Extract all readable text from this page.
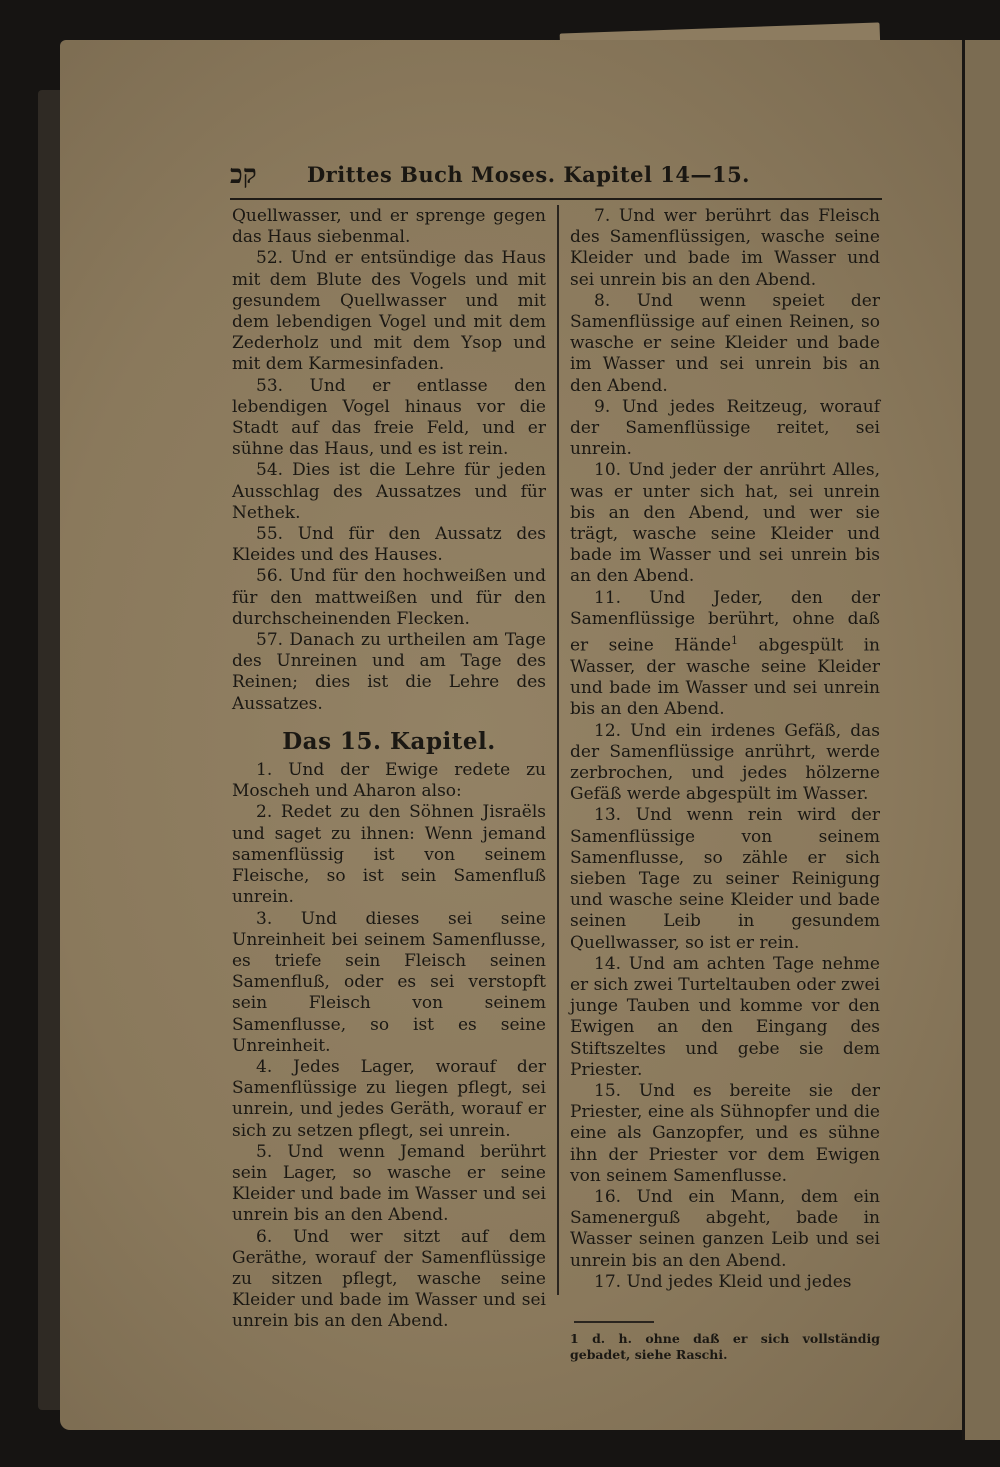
קכ Drittes Buch Moses. Kapitel 14—15.

Quellwasser, und er sprenge gegen das Haus siebenmal.

52. Und er entsündige das Haus mit dem Blute des Vogels und mit gesundem Quellwasser und mit dem lebendigen Vogel und mit dem Zederholz und mit dem Ysop und mit dem Karmesinfaden.

53. Und er entlasse den lebendigen Vogel hinaus vor die Stadt auf das freie Feld, und er sühne das Haus, und es ist rein.

54. Dies ist die Lehre für jeden Ausschlag des Aussatzes und für Nethek.

55. Und für den Aussatz des Kleides und des Hauses.

56. Und für den hochweißen und für den mattweißen und für den durchscheinenden Flecken.

57. Danach zu urtheilen am Tage des Unreinen und am Tage des Reinen; dies ist die Lehre des Aussatzes.

Das 15. Kapitel.

1. Und der Ewige redete zu Moscheh und Aharon also:

2. Redet zu den Söhnen Jisraëls und saget zu ihnen: Wenn jemand samenflüssig ist von seinem Fleische, so ist sein Samenfluß unrein.

3. Und dieses sei seine Unreinheit bei seinem Samenflusse, es triefe sein Fleisch seinen Samenfluß, oder es sei verstopft sein Fleisch von seinem Samenflusse, so ist es seine Unreinheit.

4. Jedes Lager, worauf der Samenflüssige zu liegen pflegt, sei unrein, und jedes Geräth, worauf er sich zu setzen pflegt, sei unrein.

5. Und wenn Jemand berührt sein Lager, so wasche er seine Kleider und bade im Wasser und sei unrein bis an den Abend.

6. Und wer sitzt auf dem Geräthe, worauf der Samenflüssige zu sitzen pflegt, wasche seine Kleider und bade im Wasser und sei unrein bis an den Abend.

7. Und wer berührt das Fleisch des Samenflüssigen, wasche seine Kleider und bade im Wasser und sei unrein bis an den Abend.

8. Und wenn speiet der Samenflüssige auf einen Reinen, so wasche er seine Kleider und bade im Wasser und sei unrein bis an den Abend.

9. Und jedes Reitzeug, worauf der Samenflüssige reitet, sei unrein.

10. Und jeder der anrührt Alles, was er unter sich hat, sei unrein bis an den Abend, und wer sie trägt, wasche seine Kleider und bade im Wasser und sei unrein bis an den Abend.

11. Und Jeder, den der Samenflüssige berührt, ohne daß er seine Hände$^1$ abgespült in Wasser, der wasche seine Kleider und bade im Wasser und sei unrein bis an den Abend.

12. Und ein irdenes Gefäß, das der Samenflüssige anrührt, werde zerbrochen, und jedes hölzerne Gefäß werde abgespült im Wasser.

13. Und wenn rein wird der Samenflüssige von seinem Samenflusse, so zähle er sich sieben Tage zu seiner Reinigung und wasche seine Kleider und bade seinen Leib in gesundem Quellwasser, so ist er rein.

14. Und am achten Tage nehme er sich zwei Turteltauben oder zwei junge Tauben und komme vor den Ewigen an den Eingang des Stiftszeltes und gebe sie dem Priester.

15. Und es bereite sie der Priester, eine als Sühnopfer und die eine als Ganzopfer, und es sühne ihn der Priester vor dem Ewigen von seinem Samenflusse.

16. Und ein Mann, dem ein Samenerguß abgeht, bade in Wasser seinen ganzen Leib und sei unrein bis an den Abend.

17. Und jedes Kleid und jedes

1 d. h. ohne daß er sich vollständig gebadet, siehe Raschi.
